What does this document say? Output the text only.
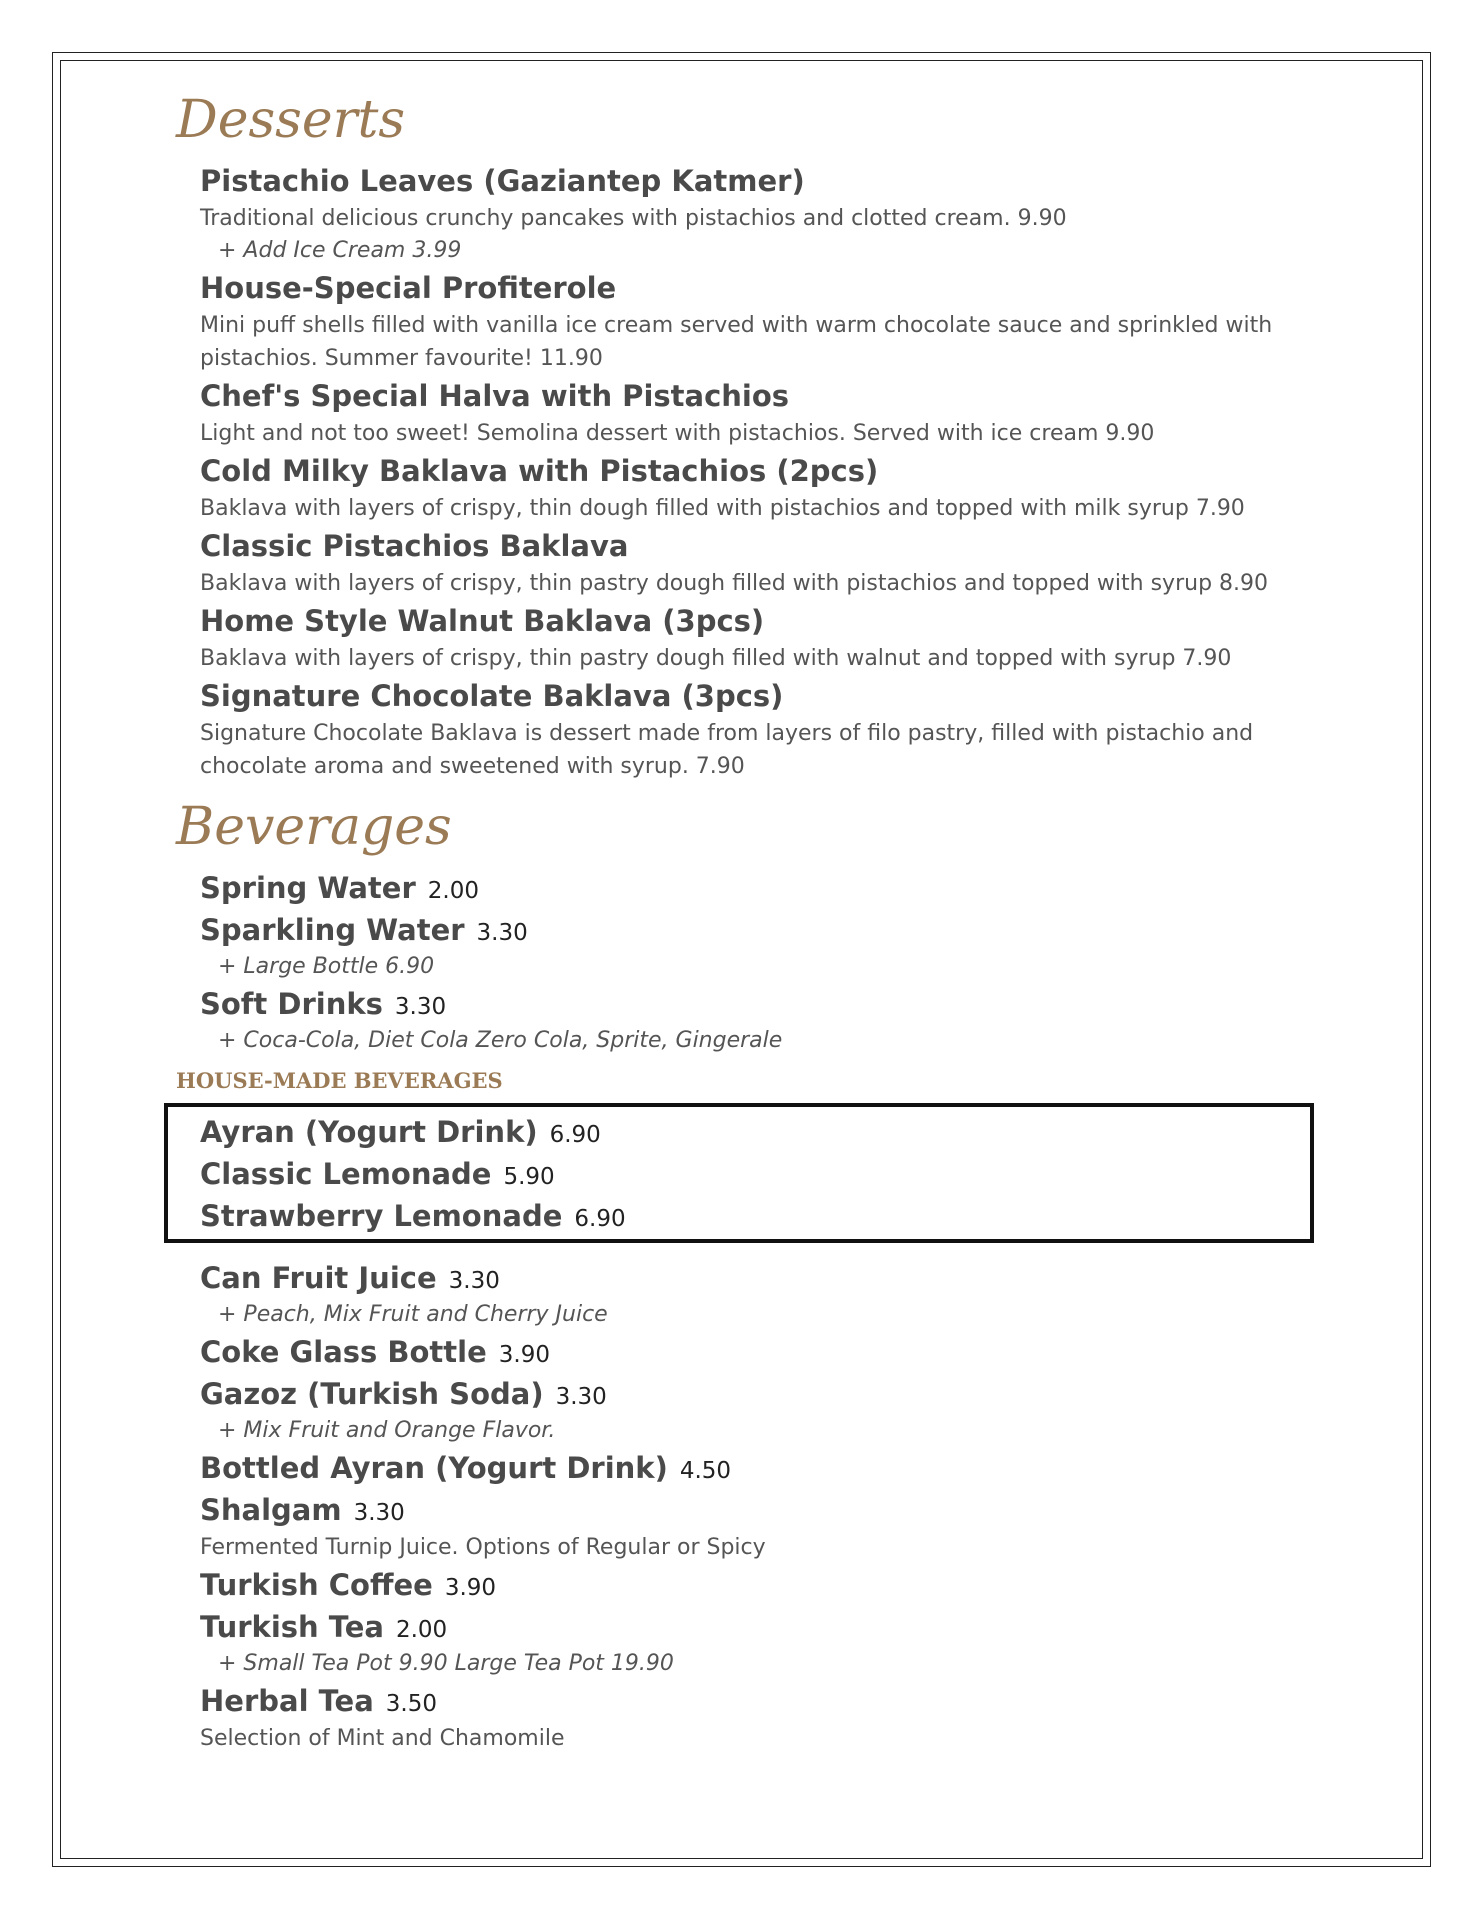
Desserts
Pistachio Leaves (Gaziantep Katmer)
Traditional delicious crunchy pancakes with pistachios and clotted cream. 9.90
+ Add Ice Cream 3.99
House-Special Profiterole
Mini puff shells filled with vanilla ice cream served with warm chocolate sauce and sprinkled with pistachios. Summer favourite! 11.90
Chef's Special Halva with Pistachios
Light and not too sweet! Semolina dessert with pistachios. Served with ice cream 9.90
Cold Milky Baklava with Pistachios (2pcs)
Baklava with layers of crispy, thin dough filled with pistachios and topped with milk syrup 7.90
Classic Pistachios Baklava
Baklava with layers of crispy, thin pastry dough filled with pistachios and topped with syrup 8.90
Home Style Walnut Baklava (3pcs)
Baklava with layers of crispy, thin pastry dough filled with walnut and topped with syrup 7.90
Signature Chocolate Baklava (3pcs)
Signature Chocolate Baklava is dessert made from layers of filo pastry, filled with pistachio and chocolate aroma and sweetened with syrup. 7.90
Beverages
Spring Water 2.00
Sparkling Water 3.30
+ Large Bottle 6.90
Soft Drinks 3.30
+ Coca-Cola, Diet Cola Zero Cola, Sprite, Gingerale
HOUSE-MADE BEVERAGES
Ayran (Yogurt Drink) 6.90
Classic Lemonade 5.90
Strawberry Lemonade 6.90
Can Fruit Juice 3.30
+ Peach, Mix Fruit and Cherry Juice
Coke Glass Bottle 3.90
Gazoz (Turkish Soda) 3.30
+ Mix Fruit and Orange Flavor.
Bottled Ayran (Yogurt Drink) 4.50
Shalgam 3.30
Fermented Turnip Juice. Options of Regular or Spicy
Turkish Coffee 3.90
Turkish Tea 2.00
+ Small Tea Pot 9.90 Large Tea Pot 19.90
Herbal Tea 3.50
Selection of Mint and Chamomile
